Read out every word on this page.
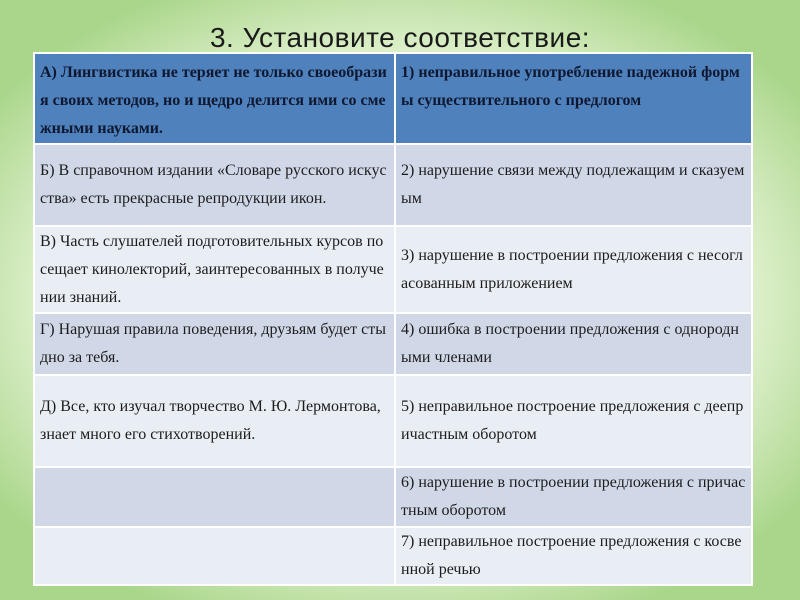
3. Установите соответствие:
А) Лингвистика не теряет не только своеобразия своих методов, но и щедро делится ими со смежными науками.	1) неправильное употребление падежной формы существительного с предлогом
Б) В справочном издании «Словаре русского искусства» есть прекрасные репродукции икон.	2) нарушение связи между подлежащим и сказуемым
В) Часть слушателей подготовительных курсов посещает кинолекторий, заинтересованных в получении знаний.	3) нарушение в построении предложения с несогласованным приложением
Г) Нарушая правила поведения, друзьям будет стыдно за тебя.	4) ошибка в построении предложения с однородными членами
Д) Все, кто изучал творчество М. Ю. Лермонтова, знает много его стихотворений.	5) неправильное построение предложения с деепричастным оборотом
	6) нарушение в построении предложения с причастным оборотом
	7) неправильное построение предложения с косвенной речью
